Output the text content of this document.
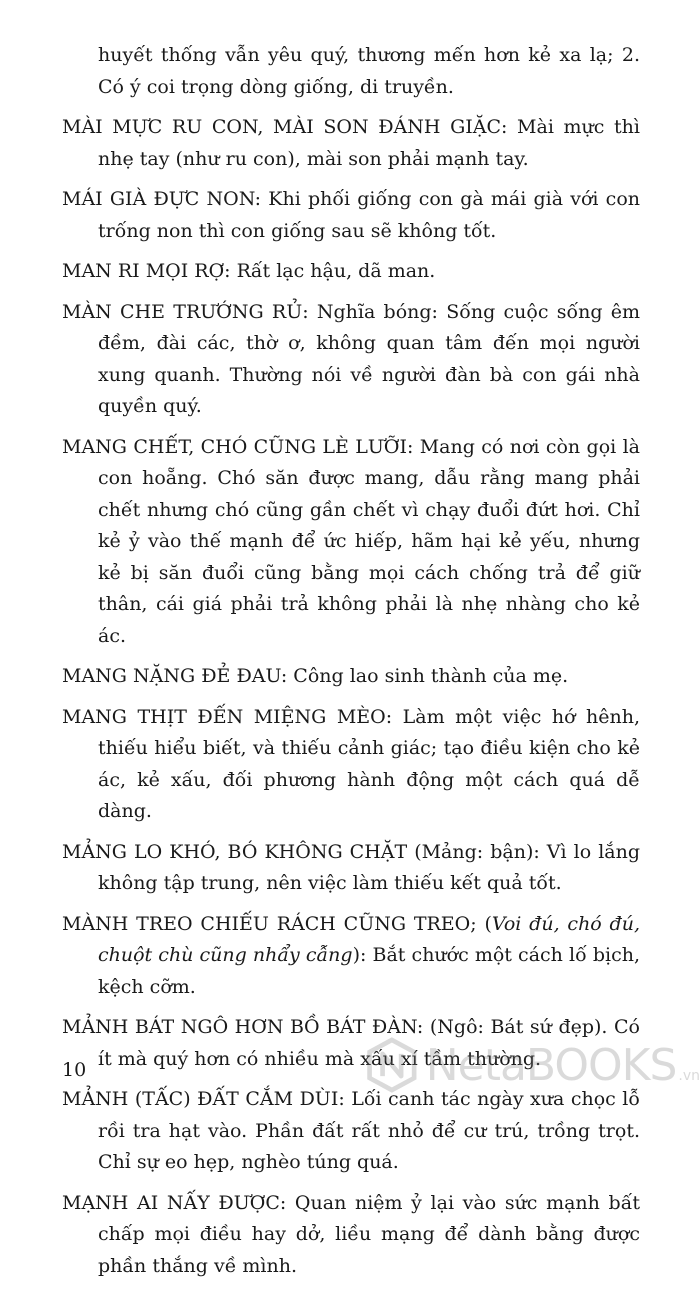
huyết thống vẫn yêu quý, thương mến hơn kẻ xa lạ; 2. Có ý coi trọng dòng giống, di truyền.

MÀI MỰC RU CON, MÀI SON ĐÁNH GIẶC: Mài mực thì nhẹ tay (như ru con), mài son phải mạnh tay.

MÁI GIÀ ĐỰC NON: Khi phối giống con gà mái già với con trống non thì con giống sau sẽ không tốt.

MAN RI MỌI RỢ: Rất lạc hậu, dã man.

MÀN CHE TRƯỚNG RỦ: Nghĩa bóng: Sống cuộc sống êm đềm, đài các, thờ ơ, không quan tâm đến mọi người xung quanh. Thường nói về người đàn bà con gái nhà quyền quý.

MANG CHẾT, CHÓ CŨNG LÈ LƯỠI: Mang có nơi còn gọi là con hoẵng. Chó săn được mang, dẫu rằng mang phải chết nhưng chó cũng gần chết vì chạy đuổi đứt hơi. Chỉ kẻ ỷ vào thế mạnh để ức hiếp, hãm hại kẻ yếu, nhưng kẻ bị săn đuổi cũng bằng mọi cách chống trả để giữ thân, cái giá phải trả không phải là nhẹ nhàng cho kẻ ác.

MANG NẶNG ĐẺ ĐAU: Công lao sinh thành của mẹ.

MANG THỊT ĐẾN MIỆNG MÈO: Làm một việc hớ hênh, thiếu hiểu biết, và thiếu cảnh giác; tạo điều kiện cho kẻ ác, kẻ xấu, đối phương hành động một cách quá dễ dàng.

MẢNG LO KHÓ, BÓ KHÔNG CHẶT (Mảng: bận): Vì lo lắng không tập trung, nên việc làm thiếu kết quả tốt.

MÀNH TREO CHIẾU RÁCH CŨNG TREO; (Voi đú, chó đú, chuột chù cũng nhẩy cẫng): Bắt chước một cách lố bịch, kệch cỡm.

MẢNH BÁT NGÔ HƠN BỒ BÁT ĐÀN: (Ngô: Bát sứ đẹp). Có ít mà quý hơn có nhiều mà xấu xí tầm thường.

MẢNH (TẤC) ĐẤT CẮM DÙI: Lối canh tác ngày xưa chọc lỗ rồi tra hạt vào. Phần đất rất nhỏ để cư trú, trồng trọt. Chỉ sự eo hẹp, nghèo túng quá.

MẠNH AI NẤY ĐƯỢC: Quan niệm ỷ lại vào sức mạnh bất chấp mọi điều hay dở, liều mạng để dành bằng được phần thắng về mình.

10	NetaBOOKS .vn
